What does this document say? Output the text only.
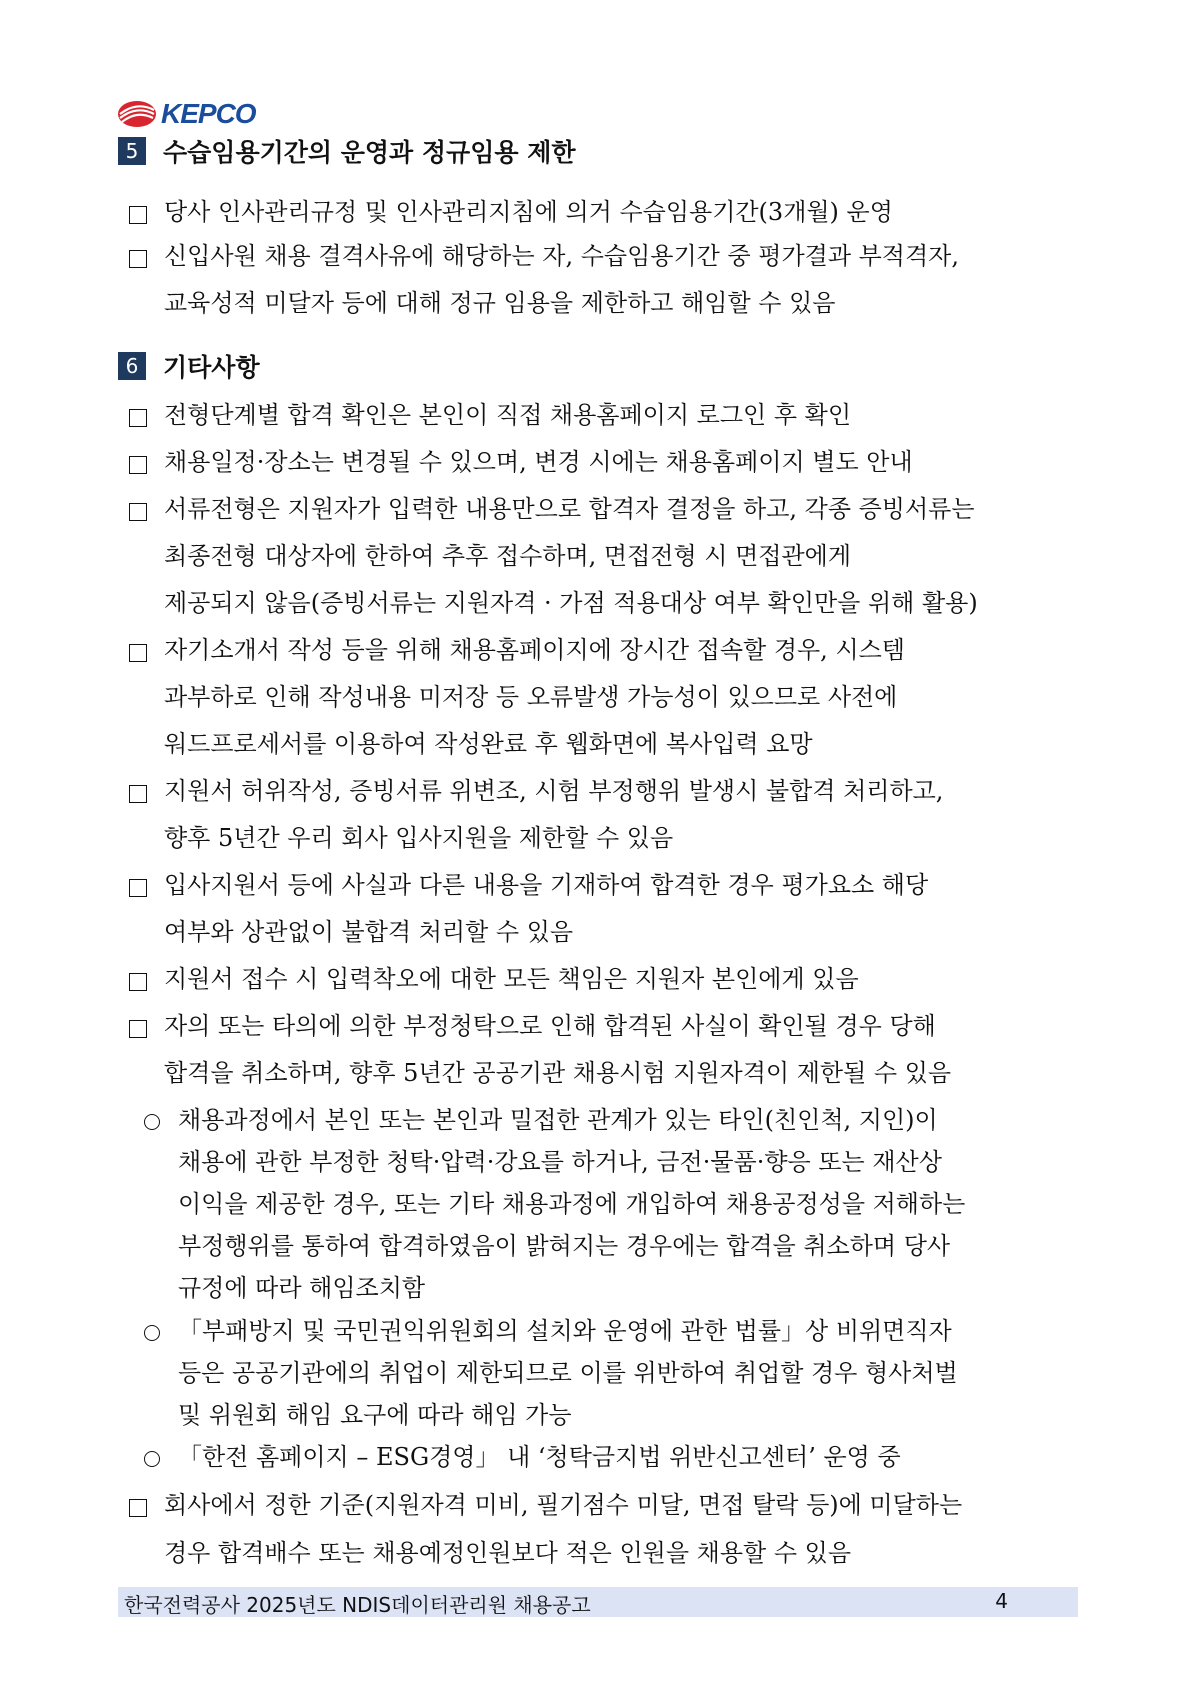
KEPCO
5 수습임용기간의 운영과 정규임용 제한
당사 인사관리규정 및 인사관리지침에 의거 수습임용기간(3개월) 운영
신입사원 채용 결격사유에 해당하는 자, 수습임용기간 중 평가결과 부적격자,
교육성적 미달자 등에 대해 정규 임용을 제한하고 해임할 수 있음
6 기타사항
전형단계별 합격 확인은 본인이 직접 채용홈페이지 로그인 후 확인
채용일정·장소는 변경될 수 있으며, 변경 시에는 채용홈페이지 별도 안내
서류전형은 지원자가 입력한 내용만으로 합격자 결정을 하고, 각종 증빙서류는
최종전형 대상자에 한하여 추후 접수하며, 면접전형 시 면접관에게
제공되지 않음(증빙서류는 지원자격 · 가점 적용대상 여부 확인만을 위해 활용)
자기소개서 작성 등을 위해 채용홈페이지에 장시간 접속할 경우, 시스템
과부하로 인해 작성내용 미저장 등 오류발생 가능성이 있으므로 사전에
워드프로세서를 이용하여 작성완료 후 웹화면에 복사입력 요망
지원서 허위작성, 증빙서류 위변조, 시험 부정행위 발생시 불합격 처리하고,
향후 5년간 우리 회사 입사지원을 제한할 수 있음
입사지원서 등에 사실과 다른 내용을 기재하여 합격한 경우 평가요소 해당
여부와 상관없이 불합격 처리할 수 있음
지원서 접수 시 입력착오에 대한 모든 책임은 지원자 본인에게 있음
자의 또는 타의에 의한 부정청탁으로 인해 합격된 사실이 확인될 경우 당해
합격을 취소하며, 향후 5년간 공공기관 채용시험 지원자격이 제한될 수 있음
채용과정에서 본인 또는 본인과 밀접한 관계가 있는 타인(친인척, 지인)이
채용에 관한 부정한 청탁·압력·강요를 하거나, 금전·물품·향응 또는 재산상
이익을 제공한 경우, 또는 기타 채용과정에 개입하여 채용공정성을 저해하는
부정행위를 통하여 합격하였음이 밝혀지는 경우에는 합격을 취소하며 당사
규정에 따라 해임조치함
「부패방지 및 국민권익위원회의 설치와 운영에 관한 법률」상 비위면직자
등은 공공기관에의 취업이 제한되므로 이를 위반하여 취업할 경우 형사처벌
및 위원회 해임 요구에 따라 해임 가능
「한전 홈페이지 – ESG경영」 내 ‘청탁금지법 위반신고센터’ 운영 중
회사에서 정한 기준(지원자격 미비, 필기점수 미달, 면접 탈락 등)에 미달하는
경우 합격배수 또는 채용예정인원보다 적은 인원을 채용할 수 있음
한국전력공사 2025년도 NDIS데이터관리원 채용공고	4
